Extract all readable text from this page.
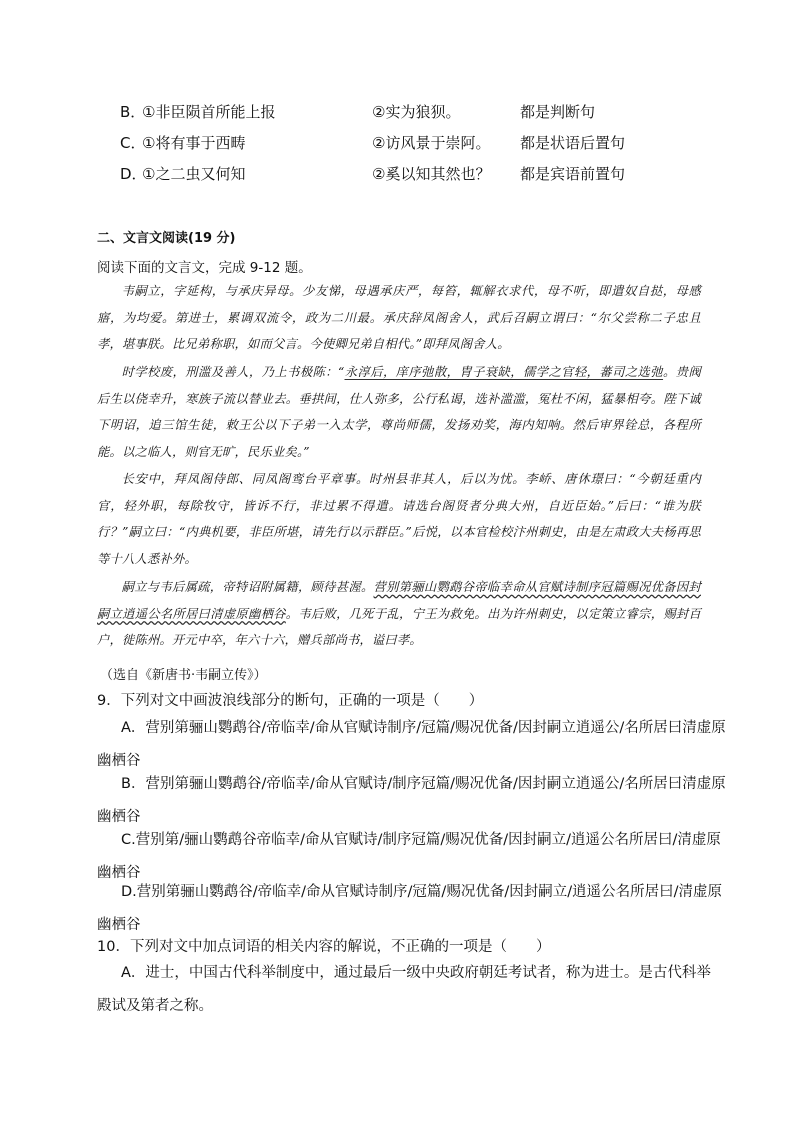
B．
①非臣陨首所能上报	②实为狼狈。	都是判断句
C．
①将有事于西畴	②访风景于崇阿。 都是状语后置句
D．
①之二虫又何知	②奚以知其然也？ 都是宾语前置句
二、文言文阅读(19 分)
阅读下面的文言文，完成 9-12 题。

韦嗣立，字延构，与承庆异母。少友悌，母遇承庆严，每笞，辄解衣求代，母不听，即遣奴自挞，母感寤，为均爱。第进士，累调双流令，政为二川最。承庆辞凤阁舍人，武后召嗣立谓曰：“尔父尝称二子忠且孝，堪事朕。比兄弟称职，如而父言。今使卿兄弟自相代。”即拜凤阁舍人。

时学校废，刑滥及善人，乃上书极陈：“永淳后，庠序弛散，胄子衰缺，儒学之官轻，蕃司之选弛。贵阀后生以侥幸升，寒族子流以替业去。垂拱间，仕人弥多，公行私谒，选补滥滥，冤杜不闲，猛暴相夸。陛下诚下明诏，追三馆生徒，敕王公以下子弟一入太学，尊尚师儒，发扬劝奖，海内知响。然后审界铨总，各程所能。以之临人，则官无旷，民乐业矣。”

长安中，拜凤阁侍郎、同凤阁鸾台平章事。时州县非其人，后以为忧。李峤、唐休璟曰：“今朝廷重内官，轻外职，每除牧守，皆诉不行，非过累不得遣。请选台阁贤者分典大州，自近臣始。”后曰：“谁为朕行？”嗣立曰：“内典机要，非臣所堪，请先行以示群臣。”后悦，以本官检校汴州刺史，由是左肃政大夫杨再思等十八人悉补外。

嗣立与韦后属疏，帝特诏附属籍，顾待甚渥。营别第骊山鹦鹉谷帝临幸命从官赋诗制序冠篇赐况优备因封嗣立逍遥公名所居曰清虚原幽栖谷。韦后败，几死于乱，宁王为救免。出为许州刺史，以定策立睿宗，赐封百户，徙陈州。开元中卒，年六十六，赠兵部尚书，谥曰孝。

（选自《新唐书·韦嗣立传》）
9．下列对文中画波浪线部分的断句，正确的一项是（　　）
A．营别第骊山鹦鹉谷/帝临幸/命从官赋诗制序/冠篇/赐况优备/因封嗣立逍遥公/名所居曰清虚原
幽栖谷
B．营别第骊山鹦鹉谷/帝临幸/命从官赋诗/制序冠篇/赐况优备/因封嗣立逍遥公/名所居曰清虚原
幽栖谷
C.营别第/骊山鹦鹉谷帝临幸/命从官赋诗/制序冠篇/赐况优备/因封嗣立/逍遥公名所居曰/清虚原
幽栖谷
D.营别第骊山鹦鹉谷/帝临幸/命从官赋诗制序/冠篇/赐况优备/因封嗣立/逍遥公名所居曰/清虚原
幽栖谷
10．下列对文中加点词语的相关内容的解说，不正确的一项是（　　）
A．进士，中国古代科举制度中，通过最后一级中央政府朝廷考试者，称为进士。是古代科举
殿试及第者之称。
